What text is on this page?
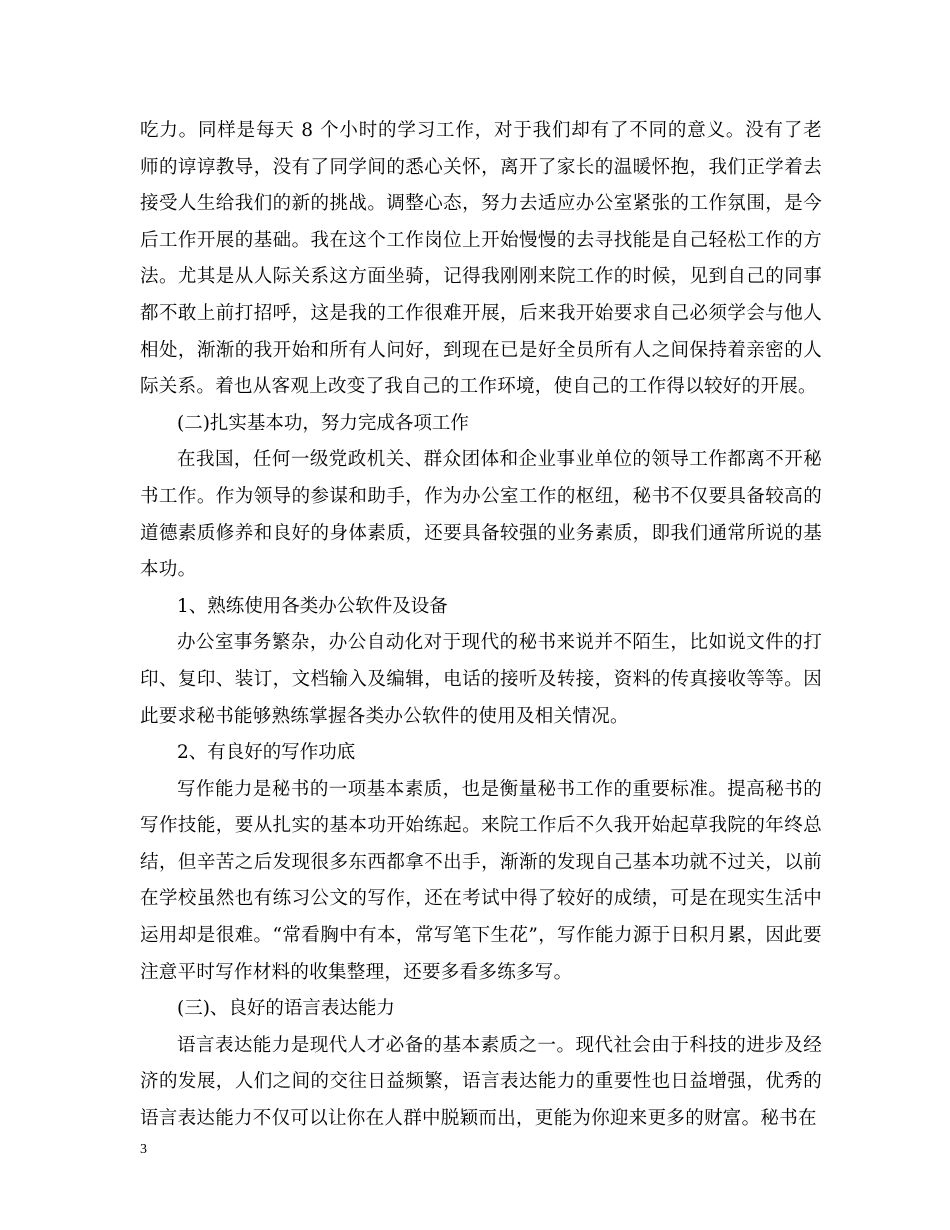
吃力。同样是每天 8 个小时的学习工作，对于我们却有了不同的意义。没有了老师的谆谆教导，没有了同学间的悉心关怀，离开了家长的温暖怀抱，我们正学着去接受人生给我们的新的挑战。调整心态，努力去适应办公室紧张的工作氛围，是今后工作开展的基础。我在这个工作岗位上开始慢慢的去寻找能是自己轻松工作的方法。尤其是从人际关系这方面坐骑，记得我刚刚来院工作的时候，见到自己的同事都不敢上前打招呼，这是我的工作很难开展，后来我开始要求自己必须学会与他人相处，渐渐的我开始和所有人问好，到现在已是好全员所有人之间保持着亲密的人际关系。着也从客观上改变了我自己的工作环境，使自己的工作得以较好的开展。

(二)扎实基本功，努力完成各项工作

在我国，任何一级党政机关、群众团体和企业事业单位的领导工作都离不开秘书工作。作为领导的参谋和助手，作为办公室工作的枢纽，秘书不仅要具备较高的道德素质修养和良好的身体素质，还要具备较强的业务素质，即我们通常所说的基本功。

1、熟练使用各类办公软件及设备

办公室事务繁杂，办公自动化对于现代的秘书来说并不陌生，比如说文件的打印、复印、装订，文档输入及编辑，电话的接听及转接，资料的传真接收等等。因此要求秘书能够熟练掌握各类办公软件的使用及相关情况。

2、有良好的写作功底

写作能力是秘书的一项基本素质，也是衡量秘书工作的重要标准。提高秘书的写作技能，要从扎实的基本功开始练起。来院工作后不久我开始起草我院的年终总结，但辛苦之后发现很多东西都拿不出手，渐渐的发现自己基本功就不过关，以前在学校虽然也有练习公文的写作，还在考试中得了较好的成绩，可是在现实生活中运用却是很难。“常看胸中有本，常写笔下生花”，写作能力源于日积月累，因此要注意平时写作材料的收集整理，还要多看多练多写。

(三)、良好的语言表达能力

语言表达能力是现代人才必备的基本素质之一。现代社会由于科技的进步及经济的发展，人们之间的交往日益频繁，语言表达能力的重要性也日益增强，优秀的语言表达能力不仅可以让你在人群中脱颖而出，更能为你迎来更多的财富。秘书在

3
